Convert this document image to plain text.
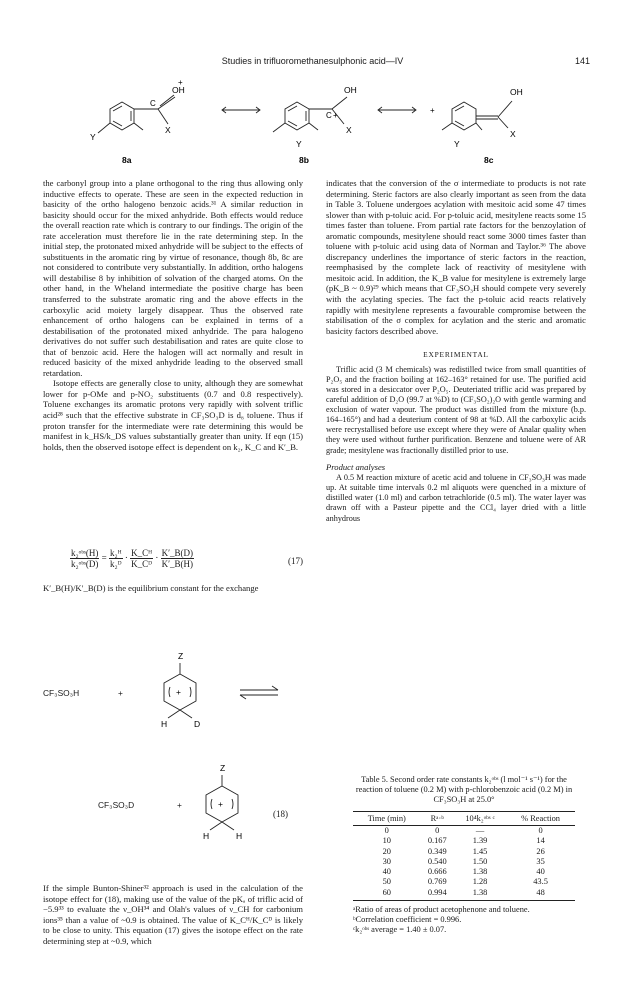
Studies in trifluoromethanesulphonic acid—IV	141
OH
+
C
Y
X
8a
OH
C +
Y
X
8b
+
OH
Y
X
8c

the carbonyl group into a plane orthogonal to the ring thus allowing only inductive effects to operate. These are seen in the expected reduction in basicity of the ortho halogeno benzoic acids.³¹ A similar reduction in basicity should occur for the mixed anhydride. Both effects would reduce the overall reaction rate which is contrary to our findings. The origin of the rate acceleration must therefore lie in the rate determining step. In the initial step, the protonated mixed anhydride will be subject to the effects of substituents in the aromatic ring by virtue of resonance, though 8b, 8c are not considered to contribute very substantially. In addition, ortho halogens will destabilise 8 by inhibition of solvation of the charged atoms. On the other hand, in the Wheland intermediate the positive charge has been transferred to the substrate aromatic ring and the above effects in the carboxylic acid moiety largely disappear. Thus the observed rate enhancement of ortho halogens can be explained in terms of a destabilisation of the protonated mixed anhydride. The para halogeno derivatives do not suffer such destabilisation and rates are quite close to that of benzoic acid. Here the halogen will act normally and result in reduced basicity of the mixed anhydride leading to the observed small retardation.

Isotope effects are generally close to unity, although they are somewhat lower for p-OMe and p-NO₂ substituents (0.7 and 0.8 respectively). Toluene exchanges its aromatic protons very rapidly with solvent triflic acid²⁸ such that the effective substrate in CF₃SO₃D is d₈ toluene. Thus if proton transfer for the intermediate were rate determining this would be manifest in k_HS/k_DS values substantially greater than unity. If eqn (15) holds, then the observed isotope effect is dependent on k₂, K_C and K′_B.

$\frac{\text{k₂ᵒᵇˢ(H)}}{\text{k₂ᵒᵇˢ(D)}} = \frac{\text{k₂ᴴ}}{\text{k₂ᴰ}} \cdot \frac{\text{K\_Cᴴ}}{\text{K\_Cᴰ}} \cdot \frac{K'\_B(D)}{K'\_B(H)}$	(17)
K′_B(H)/K′_B(D) is the equilibrium constant for the exchange
CF₃SO₃H	+
CF₃SO₃D	+
+
Z
H	D
+
Z
H	H
(18)
If the simple Bunton-Shiner³² approach is used in the calculation of the isotope effect for (18), making use of the value of the pKₐ of triflic acid of −5.9³³ to evaluate the ν_OH³⁴ and Olah's values of ν_CH for carbonium ions³⁵ than a value of ~0.9 is obtained. The value of K_Cᴴ/K_Cᴰ is likely to be close to unity. This equation (17) gives the isotope effect on the rate determining step at ~0.9, which

indicates that the conversion of the σ intermediate to products is not rate determining. Steric factors are also clearly important as seen from the data in Table 3. Toluene undergoes acylation with mesitoic acid some 47 times slower than with p-toluic acid. For p-toluic acid, mesitylene reacts some 15 times faster than toluene. From partial rate factors for the benzoylation of aromatic compounds, mesitylene should react some 3000 times faster than toluene with p-toluic acid using data of Norman and Taylor.³⁶ The above discrepancy underlines the importance of steric factors in the reaction, reemphasised by the complete lack of reactivity of mesitylene with mesitoic acid. In addition, the K_B value for mesitylene is extremely large (pK_B ~ 0.9)²⁹ which means that CF₃SO₃H should compete very severely with the acylating species. The fact the p-toluic acid reacts relatively rapidly with mesitylene represents a favourable compromise between the stabilisation of the σ complex for acylation and the steric and aromatic basicity factors described above.

EXPERIMENTAL

Triflic acid (3 M chemicals) was redistilled twice from small quantities of P₂O₅ and the fraction boiling at 162–163° retained for use. The purified acid was stored in a desiccator over P₂O₅. Deuteriated triflic acid was prepared by careful addition of D₂O (99.7 at %D) to (CF₃SO₂)₂O with gentle warming and exclusion of water vapour. The product was distilled from the mixture (b.p. 164–165°) and had a deuterium content of 98 at %D. All the carboxylic acids were recrystallised before use except where they were of Analar quality when they were used without further purification. Benzene and toluene were of AR grade; mesitylene was fractionally distilled prior to use.

Product analyses

A 0.5 M reaction mixture of acetic acid and toluene in CF₃SO₃H was made up. At suitable time intervals 0.2 ml aliquots were quenched in a mixture of distilled water (1.0 ml) and carbon tetrachloride (0.5 ml). The water layer was drawn off with a Pasteur pipette and the CCl₄ layer dried with a little anhydrous

Table 5. Second order rate constants k₂ᵒᵇˢ (l mol⁻¹ s⁻¹) for the reaction of toluene (0.2 M) with p-chlorobenzoic acid (0.2 M) in CF₃SO₃H at 25.0°
Time (min)	Rᵃ·ᵇ	10⁴k₂ᵒᵇˢ ᶜ	% Reaction
0	0	—	0
10	0.167	1.39	14
20	0.349	1.45	26
30	0.540	1.50	35
40	0.666	1.38	40
50	0.769	1.28	43.5
60	0.994	1.38	48
ᵃRatio of areas of product acetophenone and toluene.
ᵇCorrelation coefficient = 0.996.
ᶜk₂ᵒᵇˢ average = 1.40 ± 0.07.
